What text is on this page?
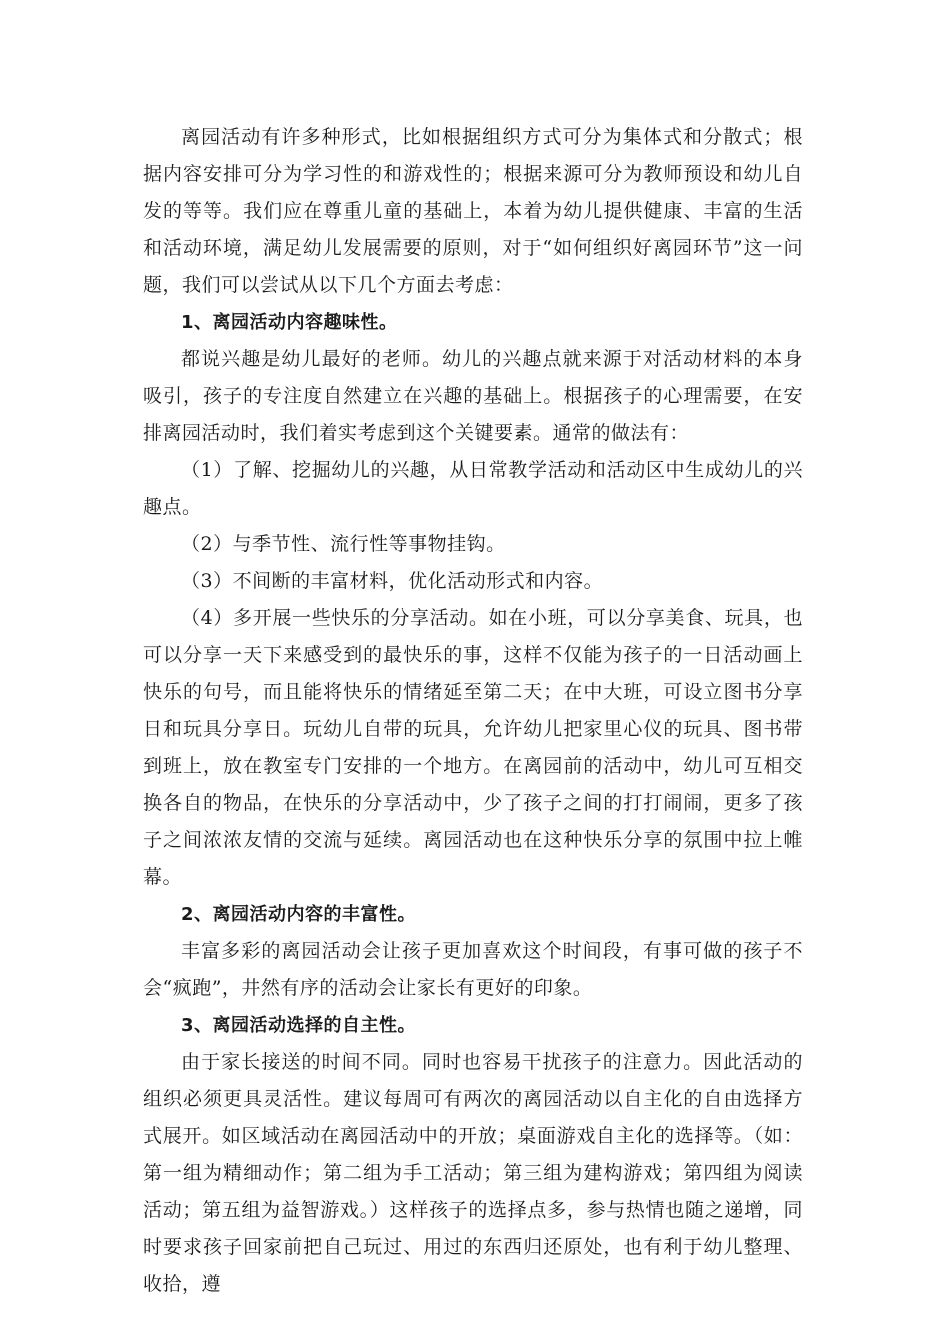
离园活动有许多种形式，比如根据组织方式可分为集体式和分散式；根据内容安排可分为学习性的和游戏性的；根据来源可分为教师预设和幼儿自发的等等。我们应在尊重儿童的基础上，本着为幼儿提供健康、丰富的生活和活动环境，满足幼儿发展需要的原则，对于“如何组织好离园环节”这一问题，我们可以尝试从以下几个方面去考虑：

1、离园活动内容趣味性。

都说兴趣是幼儿最好的老师。幼儿的兴趣点就来源于对活动材料的本身吸引，孩子的专注度自然建立在兴趣的基础上。根据孩子的心理需要，在安排离园活动时，我们着实考虑到这个关键要素。通常的做法有：

（1）了解、挖掘幼儿的兴趣，从日常教学活动和活动区中生成幼儿的兴趣点。

（2）与季节性、流行性等事物挂钩。

（3）不间断的丰富材料，优化活动形式和内容。

（4）多开展一些快乐的分享活动。如在小班，可以分享美食、玩具，也可以分享一天下来感受到的最快乐的事，这样不仅能为孩子的一日活动画上快乐的句号，而且能将快乐的情绪延至第二天；在中大班，可设立图书分享日和玩具分享日。玩幼儿自带的玩具，允许幼儿把家里心仪的玩具、图书带到班上，放在教室专门安排的一个地方。在离园前的活动中，幼儿可互相交换各自的物品，在快乐的分享活动中，少了孩子之间的打打闹闹，更多了孩子之间浓浓友情的交流与延续。离园活动也在这种快乐分享的氛围中拉上帷幕。

2、离园活动内容的丰富性。

丰富多彩的离园活动会让孩子更加喜欢这个时间段，有事可做的孩子不会“疯跑”，井然有序的活动会让家长有更好的印象。

3、离园活动选择的自主性。

由于家长接送的时间不同。同时也容易干扰孩子的注意力。因此活动的组织必须更具灵活性。建议每周可有两次的离园活动以自主化的自由选择方式展开。如区域活动在离园活动中的开放；桌面游戏自主化的选择等。（如：第一组为精细动作；第二组为手工活动；第三组为建构游戏；第四组为阅读活动；第五组为益智游戏。）这样孩子的选择点多，参与热情也随之递增，同时要求孩子回家前把自己玩过、用过的东西归还原处，也有利于幼儿整理、收拾，遵
